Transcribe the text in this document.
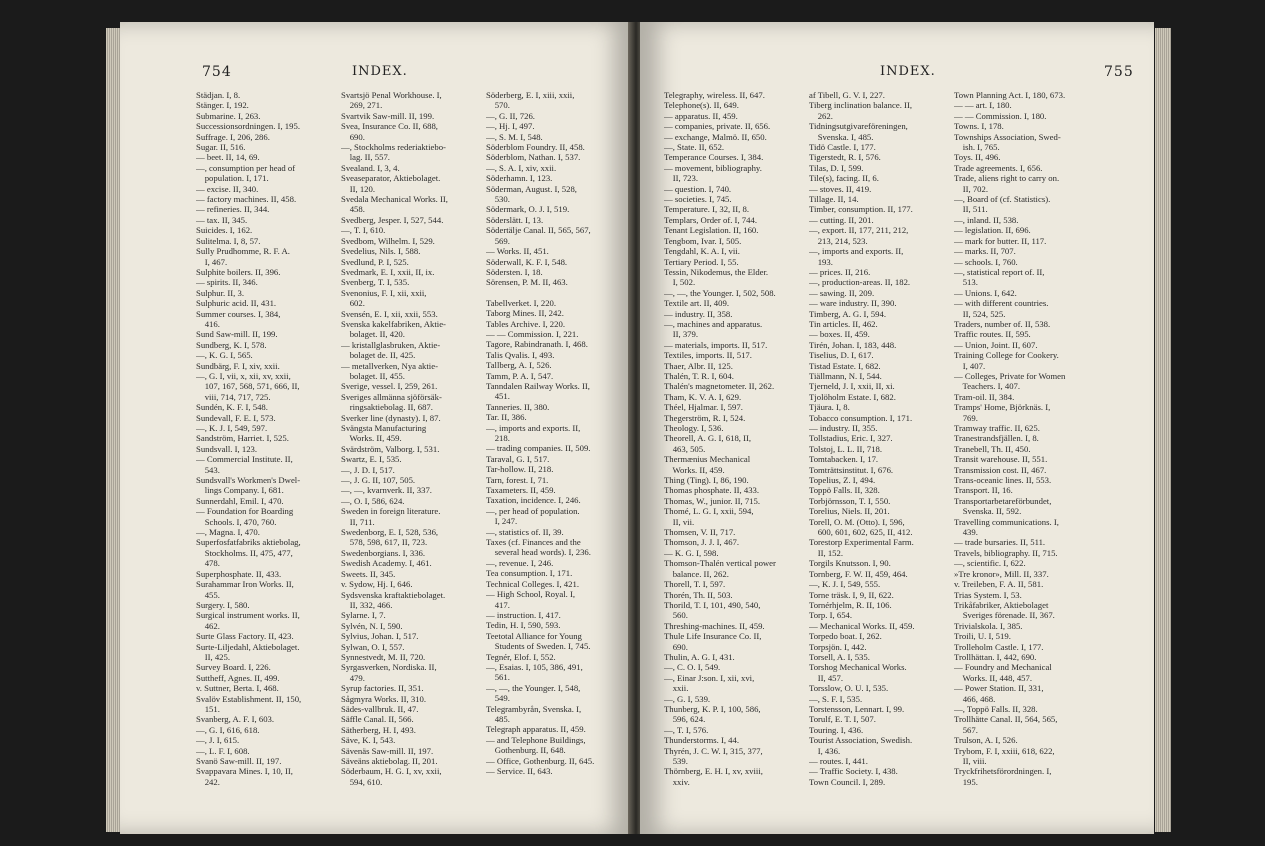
754	INDEX.
Städjan. I, 8.
Stänger. I, 192.
Submarine. I, 263.
Successionsordningen. I, 195.
Suffrage. I, 206, 286.
Sugar. II, 516.
— beet. II, 14, 69.
—, consumption per head of
population. I, 171.
— excise. II, 340.
— factory machines. II, 458.
— refineries. II, 344.
— tax. II, 345.
Suicides. I, 162.
Sulitelma. I, 8, 57.
Sully Prudhomme, R. F. A.
I, 467.
Sulphite boilers. II, 396.
— spirits. II, 346.
Sulphur. II, 3.
Sulphuric acid. II, 431.
Summer courses. I, 384,
416.
Sund Saw-mill. II, 199.
Sundberg, K. I, 578.
—, K. G. I, 565.
Sundbärg, F. I, xiv, xxii.
—, G. I, vii, x, xii, xv, xxii,
107, 167, 568, 571, 666, II,
viii, 714, 717, 725.
Sundén, K. F. I, 548.
Sundevall, F. E. I, 573.
—, K. J. I, 549, 597.
Sandström, Harriet. I, 525.
Sundsvall. I, 123.
— Commercial Institute. II,
543.
Sundsvall's Workmen's Dwel-
lings Company. I, 681.
Sunnerdahl, Emil. I, 470.
— Foundation for Boarding
Schools. I, 470, 760.
—, Magna. I, 470.
Superfosfatfabriks aktiebolag,
Stockholms. II, 475, 477,
478.
Superphosphate. II, 433.
Surahammar Iron Works. II,
455.
Surgery. I, 580.
Surgical instrument works. II,
462.
Surte Glass Factory. II, 423.
Surte-Liljedahl, Aktiebolaget.
II, 425.
Survey Board. I, 226.
Suttheff, Agnes. II, 499.
v. Suttner, Berta. I, 468.
Svalöv Establishment. II, 150,
151.
Svanberg, A. F. I, 603.
—, G. I, 616, 618.
—, J. I, 615.
—, L. F. I, 608.
Svanö Saw-mill. II, 197.
Svappavara Mines. I, 10, II,
242.
Svartsjö Penal Workhouse. I,
269, 271.
Svartvik Saw-mill. II, 199.
Svea, Insurance Co. II, 688,
690.
—, Stockholms rederiaktiebo-
lag. II, 557.
Svealand. I, 3, 4.
Sveaseparator, Aktiebolaget.
II, 120.
Svedala Mechanical Works. II,
458.
Svedberg, Jesper. I, 527, 544.
—, T. I, 610.
Svedbom, Wilhelm. I, 529.
Svedelius, Nils. I, 588.
Svedlund, P. I, 525.
Svedmark, E. I, xxii, II, ix.
Svenberg, T. I, 535.
Svenonius, F. I, xii, xxii,
602.
Svensén, E. I, xii, xxii, 553.
Svenska kakelfabriken, Aktie-
bolaget. II, 420.
— kristallglasbruken, Aktie-
bolaget de. II, 425.
— metallverken, Nya aktie-
bolaget. II, 455.
Sverige, vessel. I, 259, 261.
Sveriges allmänna sjöförsäk-
ringsaktiebolag. II, 687.
Sverker line (dynasty). I, 87.
Svängsta Manufacturing
Works. II, 459.
Svärdström, Valborg. I, 531.
Swartz, E. I, 535.
—, J. D. I, 517.
—, J. G. II, 107, 505.
—, —, kvarnverk. II, 337.
—, O. I, 586, 624.
Sweden in foreign literature.
II, 711.
Swedenborg, E. I, 528, 536,
578, 598, 617, II, 723.
Swedenborgians. I, 336.
Swedish Academy. I, 461.
Sweets. II, 345.
v. Sydow, Hj. I, 646.
Sydsvenska kraftaktiebolaget.
II, 332, 466.
Sylarne. I, 7.
Sylvén, N. I, 590.
Sylvius, Johan. I, 517.
Sylwan, O. I, 557.
Synnestvedt, M. II, 720.
Syrgasverken, Nordiska. II,
479.
Syrup factories. II, 351.
Sågmyra Works. II, 310.
Sädes-vallbruk. II, 47.
Säffle Canal. II, 566.
Sätherberg, H. I, 493.
Säve, K. I, 543.
Sävenäs Saw-mill. II, 197.
Säveäns aktiebolag. II, 201.
Söderbaum, H. G. I, xv, xxii,
594, 610.
Söderberg, E. I, xiii, xxii,
570.
—, G. II, 726.
—, Hj. I, 497.
—, S. M. I, 548.
Söderblom Foundry. II, 458.
Söderblom, Nathan. I, 537.
—, S. A. I, xiv, xxii.
Söderhamn. I, 123.
Söderman, August. I, 528,
530.
Södermark, O. J. I, 519.
Söderslätt. I, 13.
Södertälje Canal. II, 565, 567,
569.
— Works. II, 451.
Söderwall, K. F. I, 548.
Södersten. I, 18.
Sörensen, P. M. II, 463.
Tabellverket. I, 220.
Taborg Mines. II, 242.
Tables Archive. I, 220.
— — Commission. I, 221.
Tagore, Rabindranath. I, 468.
Talis Qvalis. I, 493.
Tallberg, A. I, 526.
Tamm, P. A. I, 547.
Tanndalen Railway Works. II,
451.
Tanneries. II, 380.
Tar. II, 386.
—, imports and exports. II,
218.
— trading companies. II, 509.
Taraval, G. I, 517.
Tar-hollow. II, 218.
Tarn, forest. I, 71.
Taxameters. II, 459.
Taxation, incidence. I, 246.
—, per head of population.
I, 247.
—, statistics of. II, 39.
Taxes (cf. Finances and the
several head words). I, 236.
—, revenue. I, 246.
Tea consumption. I, 171.
Technical Colleges. I, 421.
— High School, Royal. I,
417.
— instruction. I, 417.
Tedin, H. I, 590, 593.
Teetotal Alliance for Young
Students of Sweden. I, 745.
Tegnér, Elof. I, 552.
—, Esaias. I, 105, 386, 491,
561.
—, —, the Younger. I, 548,
549.
Telegrambyrån, Svenska. I,
485.
Telegraph apparatus. II, 459.
— and Telephone Buildings,
Gothenburg. II, 648.
— Office, Gothenburg. II, 645.
— Service. II, 643.
INDEX.	755
Telegraphy, wireless. II, 647.
Telephone(s). II, 649.
— apparatus. II, 459.
— companies, private. II, 656.
— exchange, Malmö. II, 650.
—, State. II, 652.
Temperance Courses. I, 384.
— movement, bibliography.
II, 723.
— question. I, 740.
— societies. I, 745.
Temperature. I, 32, II, 8.
Templars, Order of. I, 744.
Tenant Legislation. II, 160.
Tengbom, Ivar. I, 505.
Tengdahl, K. A. I, vii.
Tertiary Period. I, 55.
Tessin, Nikodemus, the Elder.
I, 502.
—, —, the Younger. I, 502, 508.
Textile art. II, 409.
— industry. II, 358.
—, machines and apparatus.
II, 379.
— materials, imports. II, 517.
Textiles, imports. II, 517.
Thaer, Albr. II, 125.
Thalén, T. R. I, 604.
Thalén's magnetometer. II, 262.
Tham, K. V. A. I, 629.
Théel, Hjalmar. I, 597.
Thegerström, R. I, 524.
Theology. I, 536.
Theorell, A. G. I, 618, II,
463, 505.
Thermænius Mechanical
Works. II, 459.
Thing (Ting). I, 86, 190.
Thomas phosphate. II, 433.
Thomas, W., junior. II, 715.
Thomé, L. G. I, xxii, 594,
II, vii.
Thomsen, V. II, 717.
Thomson, J. J. I, 467.
— K. G. I, 598.
Thomson-Thalén vertical power
balance. II, 262.
Thorell, T. I, 597.
Thorén, Th. II, 503.
Thorild, T. I, 101, 490, 540,
560.
Threshing-machines. II, 459.
Thule Life Insurance Co. II,
690.
Thulin, A. G. I, 431.
—, C. O. I, 549.
—, Einar J:son. I, xii, xvi,
xxii.
—, G. I, 539.
Thunberg, K. P. I, 100, 586,
596, 624.
—, T. I, 576.
Thunderstorms. I, 44.
Thyrén, J. C. W. I, 315, 377,
539.
Thörnberg, E. H. I, xv, xviii,
xxiv.
af Tibell, G. V. I, 227.
Tiberg inclination balance. II,
262.
Tidningsutgivareföreningen,
Svenska. I, 485.
Tidö Castle. I, 177.
Tigerstedt, R. I, 576.
Tilas, D. I, 599.
Tile(s), facing. II, 6.
— stoves. II, 419.
Tillage. II, 14.
Timber, consumption. II, 177.
— cutting. II, 201.
—, export. II, 177, 211, 212,
213, 214, 523.
—, imports and exports. II,
193.
— prices. II, 216.
—, production-areas. II, 182.
— sawing. II, 209.
— ware industry. II, 390.
Timberg, A. G. I, 594.
Tin articles. II, 462.
— boxes. II, 459.
Tirén, Johan. I, 183, 448.
Tiselius, D. I, 617.
Tistad Estate. I, 682.
Tiällmann, N. I, 544.
Tjerneld, J. I, xxii, II, xi.
Tjolöholm Estate. I, 682.
Tjäura. I, 8.
Tobacco consumption. I, 171.
— industry. II, 355.
Tollstadius, Eric. I, 327.
Tolstoj, L. L. II, 718.
Tomtabacken. I, 17.
Tomträttsinstitut. I, 676.
Topelius, Z. I, 494.
Toppö Falls. II, 328.
Torbjörnsson, T. I, 550.
Torelius, Niels. II, 201.
Torell, O. M. (Otto). I, 596,
600, 601, 602, 625, II, 412.
Torestorp Experimental Farm.
II, 152.
Torgils Knutsson. I, 90.
Tornberg, F. W. II, 459, 464.
—, K. J. I, 549, 555.
Torne träsk. I, 9, II, 622.
Tornérhjelm, R. II, 106.
Torp. I, 654.
— Mechanical Works. II, 459.
Torpedo boat. I, 262.
Torpsjön. I, 442.
Torsell, A. I, 535.
Torshog Mechanical Works.
II, 457.
Torsslow, O. U. I, 535.
—, S. F. I, 535.
Torstensson, Lennart. I, 99.
Torulf, E. T. I, 507.
Touring. I, 436.
Tourist Association, Swedish.
I, 436.
— routes. I, 441.
— Traffic Society. I, 438.
Town Council. I, 289.
Town Planning Act. I, 180, 673.
— — art. I, 180.
— — Commission. I, 180.
Towns. I, 178.
Townships Association, Swed-
ish. I, 765.
Toys. II, 496.
Trade agreements. I, 656.
Trade, aliens right to carry on.
II, 702.
—, Board of (cf. Statistics).
II, 511.
—, inland. II, 538.
— legislation. II, 696.
— mark for butter. II, 117.
— marks. II, 707.
— schools. I, 760.
—, statistical report of. II,
513.
— Unions. I, 642.
— with different countries.
II, 524, 525.
Traders, number of. II, 538.
Traffic routes. II, 595.
— Union, Joint. II, 607.
Training College for Cookery.
I, 407.
— Colleges, Private for Women
Teachers. I, 407.
Tram-oil. II, 384.
Tramps' Home, Björknäs. I,
769.
Tramway traffic. II, 625.
Tranestrandsfjällen. I, 8.
Tranebell, Th. II, 450.
Transit warehouse. II, 551.
Transmission cost. II, 467.
Trans-oceanic lines. II, 553.
Transport. II, 16.
Transportarbetareförbundet,
Svenska. II, 592.
Travelling communications. I,
439.
— trade bursaries. II, 511.
Travels, bibliography. II, 715.
—, scientific. I, 622.
»Tre kronor», Mill. II, 337.
v. Treileben, F. A. II, 581.
Trias System. I, 53.
Trikåfabriker, Aktiebolaget
Sveriges förenade. II, 367.
Trivialskola. I, 385.
Troili, U. I, 519.
Trolleholm Castle. I, 177.
Trollhättan. I, 442, 690.
— Foundry and Mechanical
Works. II, 448, 457.
— Power Station. II, 331,
466, 468.
—, Toppö Falls. II, 328.
Trollhätte Canal. II, 564, 565,
567.
Trulson, A. I, 526.
Trybom, F. I, xxiii, 618, 622,
II, viii.
Tryckfrihetsförordningen. I,
195.
